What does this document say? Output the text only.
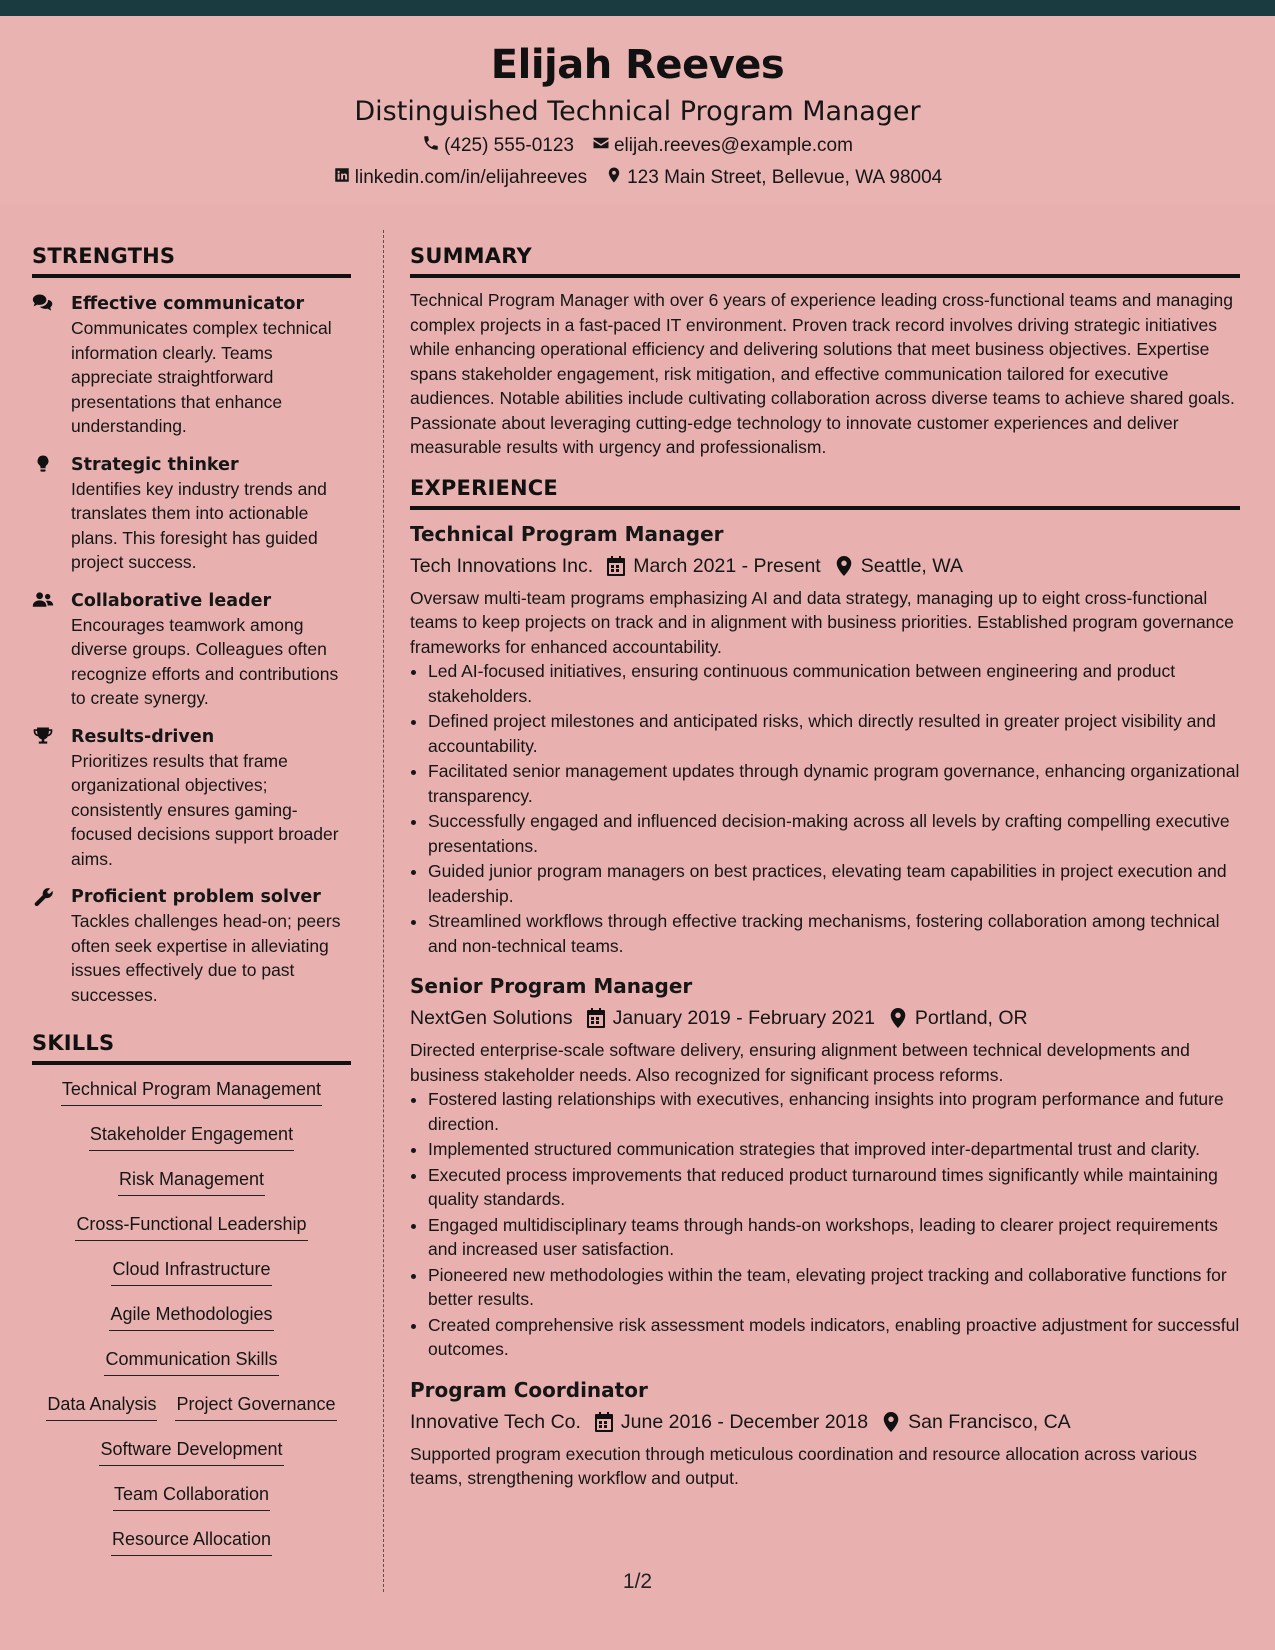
Elijah Reeves
Distinguished Technical Program Manager
(425) 555-0123 elijah.reeves@example.com
linkedin.com/in/elijahreeves 123 Main Street, Bellevue, WA 98004
STRENGTHS
Effective communicator
Communicates complex technical information clearly. Teams appreciate straightforward presentations that enhance understanding.
Strategic thinker
Identifies key industry trends and translates them into actionable plans. This foresight has guided project success.
Collaborative leader
Encourages teamwork among diverse groups. Colleagues often recognize efforts and contributions to create synergy.
Results-driven
Prioritizes results that frame organizational objectives; consistently ensures gaming-focused decisions support broader aims.
Proficient problem solver
Tackles challenges head-on; peers often seek expertise in alleviating issues effectively due to past successes.
SKILLS
Technical Program Management
Stakeholder Engagement
Risk Management
Cross-Functional Leadership
Cloud Infrastructure
Agile Methodologies
Communication Skills
Data Analysis Project Governance
Software Development
Team Collaboration
Resource Allocation
SUMMARY
Technical Program Manager with over 6 years of experience leading cross-functional teams and managing complex projects in a fast-paced IT environment. Proven track record involves driving strategic initiatives while enhancing operational efficiency and delivering solutions that meet business objectives. Expertise spans stakeholder engagement, risk mitigation, and effective communication tailored for executive audiences. Notable abilities include cultivating collaboration across diverse teams to achieve shared goals. Passionate about leveraging cutting-edge technology to innovate customer experiences and deliver measurable results with urgency and professionalism.
EXPERIENCE
Technical Program Manager
Tech Innovations Inc. March 2021 - Present Seattle, WA
Oversaw multi-team programs emphasizing AI and data strategy, managing up to eight cross-functional teams to keep projects on track and in alignment with business priorities. Established program governance frameworks for enhanced accountability.
• Led AI-focused initiatives, ensuring continuous communication between engineering and product stakeholders.
• Defined project milestones and anticipated risks, which directly resulted in greater project visibility and accountability.
• Facilitated senior management updates through dynamic program governance, enhancing organizational transparency.
• Successfully engaged and influenced decision-making across all levels by crafting compelling executive presentations.
• Guided junior program managers on best practices, elevating team capabilities in project execution and leadership.
• Streamlined workflows through effective tracking mechanisms, fostering collaboration among technical and non-technical teams.
Senior Program Manager
NextGen Solutions January 2019 - February 2021 Portland, OR
Directed enterprise-scale software delivery, ensuring alignment between technical developments and business stakeholder needs. Also recognized for significant process reforms.
• Fostered lasting relationships with executives, enhancing insights into program performance and future direction.
• Implemented structured communication strategies that improved inter-departmental trust and clarity.
• Executed process improvements that reduced product turnaround times significantly while maintaining quality standards.
• Engaged multidisciplinary teams through hands-on workshops, leading to clearer project requirements and increased user satisfaction.
• Pioneered new methodologies within the team, elevating project tracking and collaborative functions for better results.
• Created comprehensive risk assessment models indicators, enabling proactive adjustment for successful outcomes.
Program Coordinator
Innovative Tech Co. June 2016 - December 2018 San Francisco, CA
Supported program execution through meticulous coordination and resource allocation across various teams, strengthening workflow and output.
1/2
